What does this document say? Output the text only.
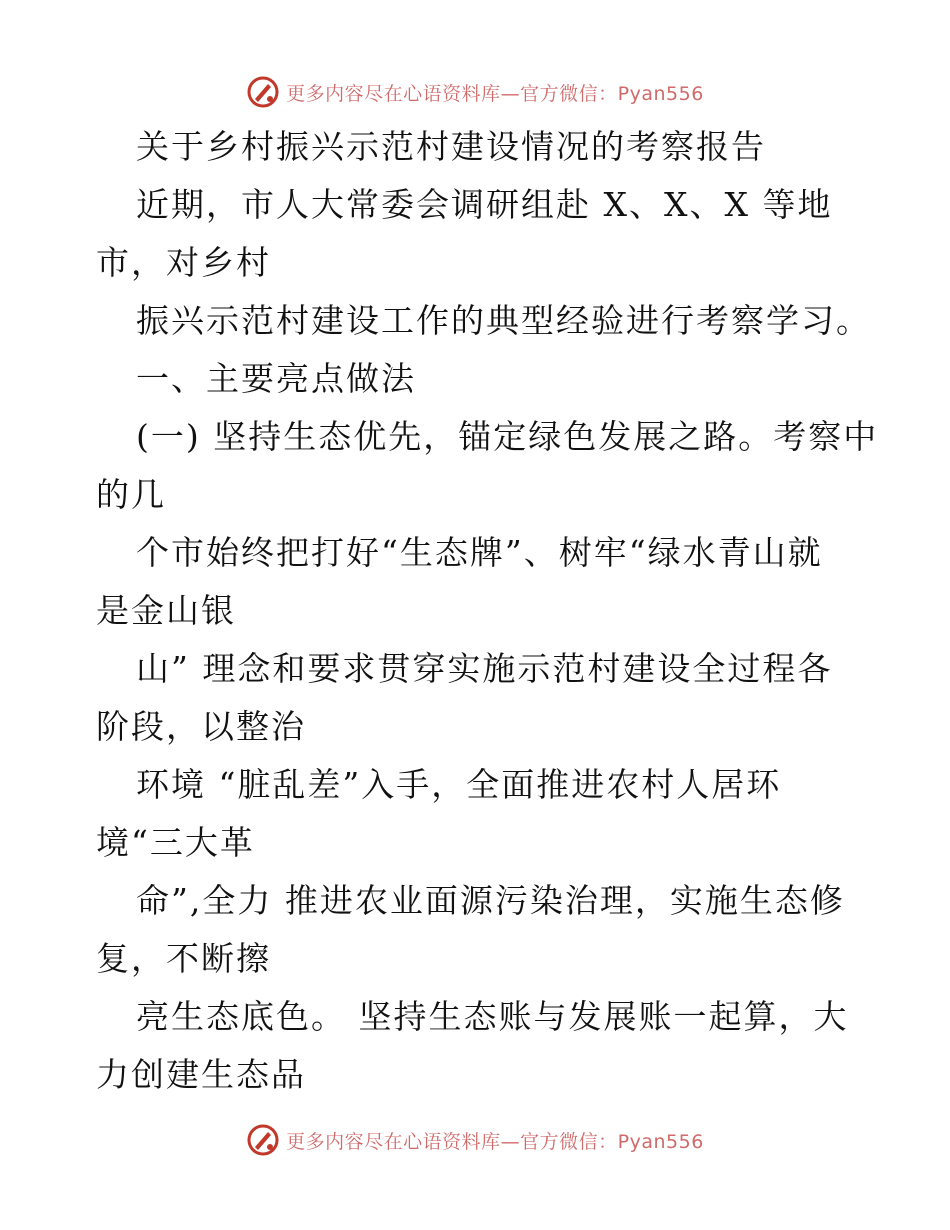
更多内容尽在心语资料库—官方微信：Pyan556
关于乡村振兴示范村建设情况的考察报告
近期，市人大常委会调研组赴 X、X、X 等地
市，对乡村
振兴示范村建设工作的典型经验进行考察学习。
一、主要亮点做法
(一) 坚持生态优先，锚定绿色发展之路。考察中
的几
个市始终把打好“生态牌”、树牢“绿水青山就
是金山银
山” 理念和要求贯穿实施示范村建设全过程各
阶段，以整治
环境 “脏乱差”入手，全面推进农村人居环
境“三大革
命”,全力 推进农业面源污染治理，实施生态修
复，不断擦
亮生态底色。 坚持生态账与发展账一起算，大
力创建生态品
更多内容尽在心语资料库—官方微信：Pyan556
